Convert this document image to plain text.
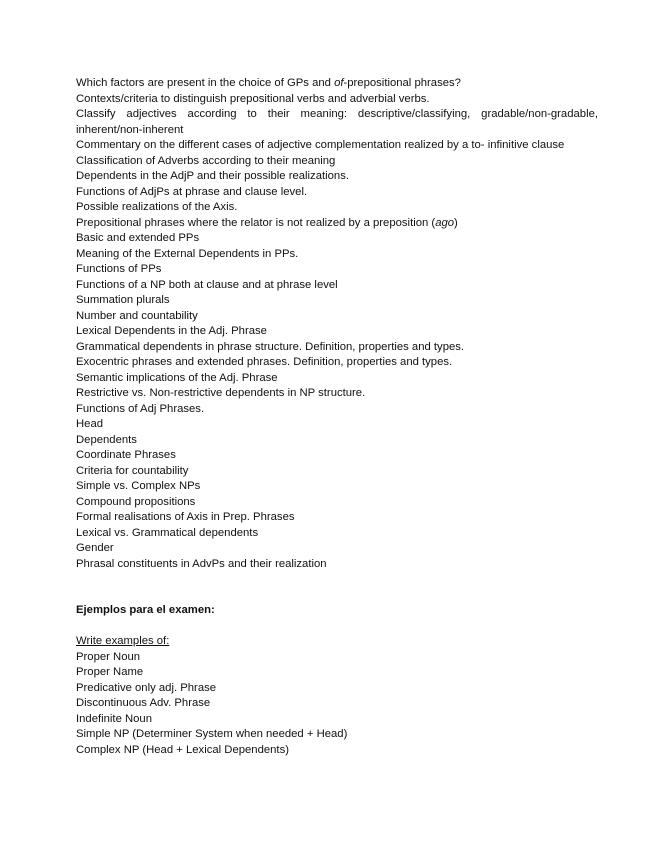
Which factors are present in the choice of GPs and of-prepositional phrases?

Contexts/criteria to distinguish prepositional verbs and adverbial verbs.

Classify adjectives according to their meaning: descriptive/classifying, gradable/non-gradable, inherent/non-inherent

Commentary on the different cases of adjective complementation realized by a to- infinitive clause

Classification of Adverbs according to their meaning

Dependents in the AdjP and their possible realizations.

Functions of AdjPs at phrase and clause level.

Possible realizations of the Axis.

Prepositional phrases where the relator is not realized by a preposition (ago)

Basic and extended PPs

Meaning of the External Dependents in PPs.

Functions of PPs

Functions of a NP both at clause and at phrase level

Summation plurals

Number and countability

Lexical Dependents in the Adj. Phrase

Grammatical dependents in phrase structure. Definition, properties and types.

Exocentric phrases and extended phrases. Definition, properties and types.

Semantic implications of the Adj. Phrase

Restrictive vs. Non-restrictive dependents in NP structure.

Functions of Adj Phrases.

Head

Dependents

Coordinate Phrases

Criteria for countability

Simple vs. Complex NPs

Compound propositions

Formal realisations of Axis in Prep. Phrases

Lexical vs. Grammatical dependents

Gender

Phrasal constituents in AdvPs and their realization

Ejemplos para el examen:

Write examples of:

Proper Noun

Proper Name

Predicative only adj. Phrase

Discontinuous Adv. Phrase

Indefinite Noun

Simple NP (Determiner System when needed + Head)

Complex NP (Head + Lexical Dependents)
